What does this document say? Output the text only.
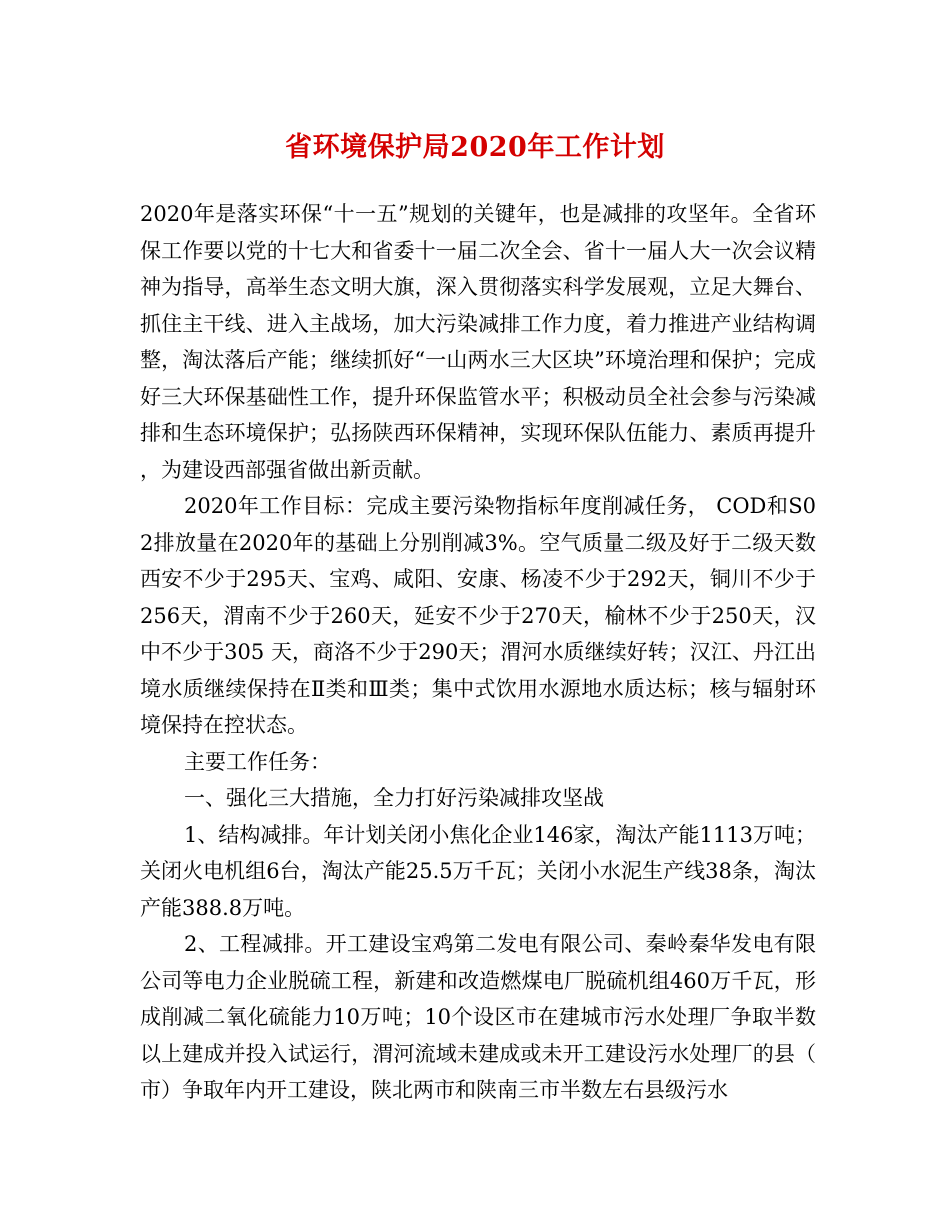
省环境保护局2020年工作计划

2020年是落实环保“十一五”规划的关键年，也是减排的攻坚年。全省环保工作要以党的十七大和省委十一届二次全会、省十一届人大一次会议精神为指导，高举生态文明大旗，深入贯彻落实科学发展观，立足大舞台、抓住主干线、进入主战场，加大污染减排工作力度，着力推进产业结构调整，淘汰落后产能；继续抓好“一山两水三大区块”环境治理和保护；完成好三大环保基础性工作，提升环保监管水平；积极动员全社会参与污染减排和生态环境保护；弘扬陕西环保精神，实现环保队伍能力、素质再提升，为建设西部强省做出新贡献。

2020年工作目标：完成主要污染物指标年度削减任务， COD和S02排放量在2020年的基础上分别削减3%。空气质量二级及好于二级天数西安不少于295天、宝鸡、咸阳、安康、杨凌不少于292天，铜川不少于256天，渭南不少于260天，延安不少于270天，榆林不少于250天，汉中不少于305 天，商洛不少于290天；渭河水质继续好转；汉江、丹江出境水质继续保持在Ⅱ类和Ⅲ类；集中式饮用水源地水质达标；核与辐射环境保持在控状态。

主要工作任务：

一、强化三大措施，全力打好污染减排攻坚战

1、结构减排。年计划关闭小焦化企业146家，淘汰产能1113万吨；关闭火电机组6台，淘汰产能25.5万千瓦；关闭小水泥生产线38条，淘汰产能388.8万吨。

2、工程减排。开工建设宝鸡第二发电有限公司、秦岭秦华发电有限公司等电力企业脱硫工程，新建和改造燃煤电厂脱硫机组460万千瓦，形成削减二氧化硫能力10万吨；10个设区市在建城市污水处理厂争取半数以上建成并投入试运行，渭河流域未建成或未开工建设污水处理厂的县（市）争取年内开工建设，陕北两市和陕南三市半数左右县级污水
